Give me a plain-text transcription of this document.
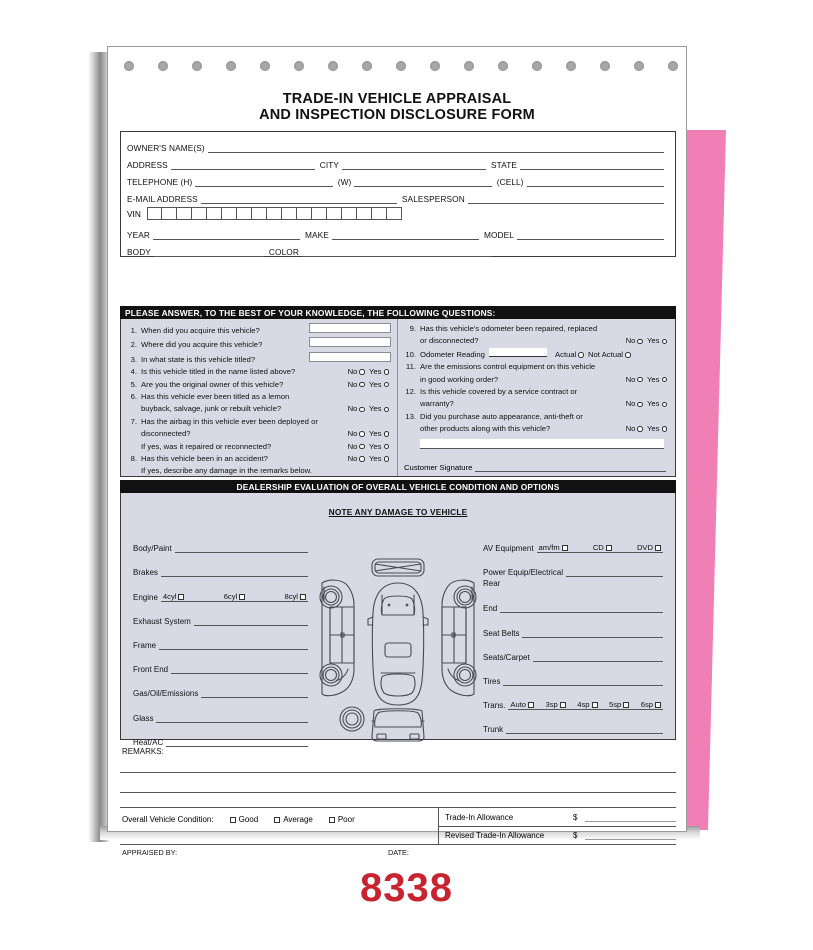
TRADE-IN VEHICLE APPRAISAL
AND INSPECTION DISCLOSURE FORM
OWNER'S NAME(S)
ADDRESS	CITY	STATE
TELEPHONE (H)	(W)	(CELL)
E-MAIL ADDRESS	SALESPERSON
VIN
YEAR	MAKE	MODEL
BODY	COLOR
PLEASE ANSWER, TO THE BEST OF YOUR KNOWLEDGE, THE FOLLOWING QUESTIONS:
1. When did you acquire this vehicle?
2. Where did you acquire this vehicle?
3. In what state is this vehicle titled?
4. Is this vehicle titled in the name listed above?	No Yes
5. Are you the original owner of this vehicle?	No Yes
6. Has this vehicle ever been titled as a lemon
buyback, salvage, junk or rebuilt vehicle?	No Yes
7. Has the airbag in this vehicle ever been deployed or
disconnected?	No Yes
If yes, was it repaired or reconnected?	No Yes
8. Has this vehicle been in an accident?	No Yes
If yes, describe any damage in the remarks below.	Customer Signature
9. Has this vehicle's odometer been repaired, replaced
or disconnected?	No Yes
10. Odometer Reading	Actual Not Actual
11. Are the emissions control equipment on this vehicle
in good working order?	No Yes
12. Is this vehicle covered by a service contract or
warranty?	No Yes
13. Did you purchase auto appearance, anti-theft or
other products along with this vehicle?	No Yes
DEALERSHIP EVALUATION OF OVERALL VEHICLE CONDITION AND OPTIONS
NOTE ANY DAMAGE TO VEHICLE
Body/Paint
Brakes
Engine 4cyl	6cyl	8cyl
Exhaust System
Frame
Front End
Gas/Oil/Emissions
Glass
Heat/AC
AV Equipment am/fm	CD	DVD
Power Equip/Electrical
Rear
End
Seat Belts
Seats/Carpet
Tires
Trans. Auto	3sp	4sp	5sp	6sp
Trunk
REMARKS:
Overall Vehicle Condition:	Good	Average	Poor	Trade-In Allowance	$
Revised Trade-In Allowance	$
APPRAISED BY:	DATE:
8338
